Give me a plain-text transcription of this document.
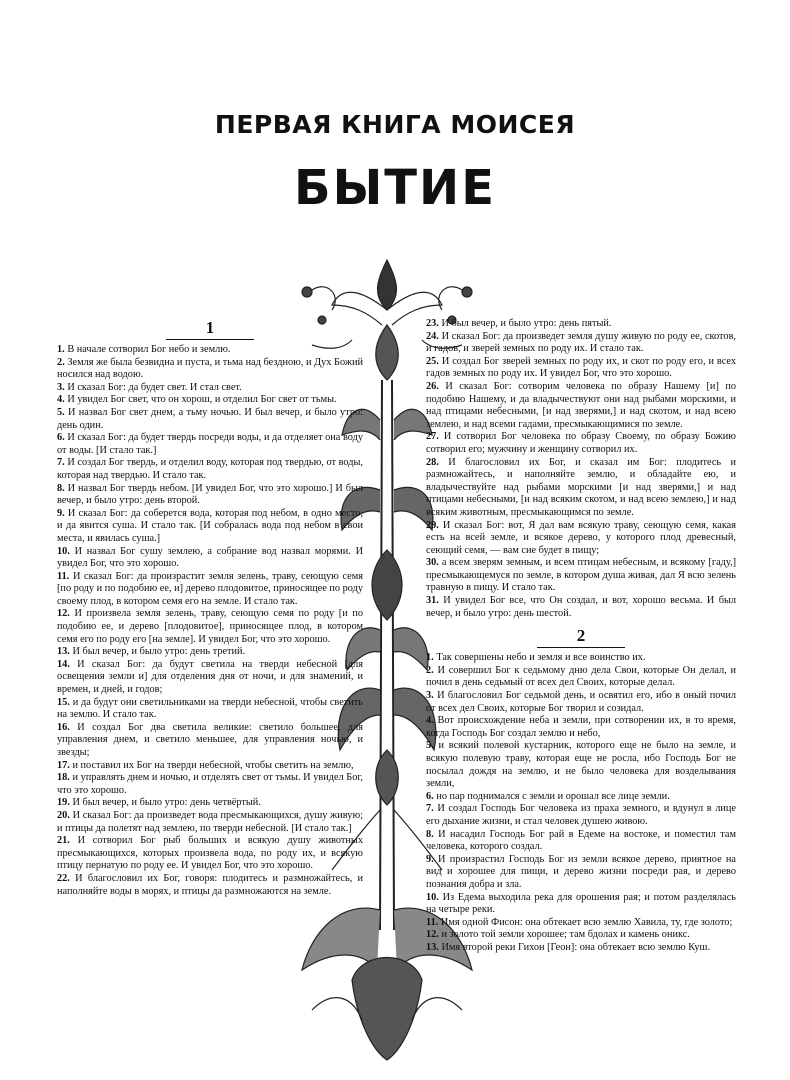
ПЕРВАЯ КНИГА МОИСЕЯ
БЫТИЕ
1

1. В начале сотворил Бог небо и землю.

2. Земля же была безвидна и пуста, и тьма над бездною, и Дух Божий носился над водою.

3. И сказал Бог: да будет свет. И стал свет.

4. И увидел Бог свет, что он хорош, и отделил Бог свет от тьмы.

5. И назвал Бог свет днем, а тьму ночью. И был вечер, и было утро: день один.

6. И сказал Бог: да будет твердь посреди воды, и да отделяет она воду от воды. [И стало так.]

7. И создал Бог твердь, и отделил воду, которая под твердью, от воды, которая над твердью. И стало так.

8. И назвал Бог твердь небом. [И увидел Бог, что это хорошо.] И был вечер, и было утро: день второй.

9. И сказал Бог: да соберется вода, которая под небом, в одно место, и да явится суша. И стало так. [И собралась вода под небом в свои места, и явилась суша.]

10. И назвал Бог сушу землею, а собрание вод назвал морями. И увидел Бог, что это хорошо.

11. И сказал Бог: да произрастит земля зелень, траву, сеющую семя [по роду и по подобию ее, и] дерево плодовитое, приносящее по роду своему плод, в котором семя его на земле. И стало так.

12. И произвела земля зелень, траву, сеющую семя по роду [и по подобию ее, и дерево [плодовитое], приносящее плод, в котором семя его по роду его [на земле]. И увидел Бог, что это хорошо.

13. И был вечер, и было утро: день третий.

14. И сказал Бог: да будут светила на тверди небесной [для освещения земли и] для отделения дня от ночи, и для знамений, и времен, и дней, и годов;

15. и да будут они светильниками на тверди небесной, чтобы светить на землю. И стало так.

16. И создал Бог два светила великие: светило большее, для управления днем, и светило меньшее, для управления ночью, и звезды;

17. и поставил их Бог на тверди небесной, чтобы светить на землю,

18. и управлять днем и ночью, и отделять свет от тьмы. И увидел Бог, что это хорошо.

19. И был вечер, и было утро: день четвёртый.

20. И сказал Бог: да произведет вода пресмыкающихся, душу живую; и птицы да полетят над землею, по тверди небесной. [И стало так.]

21. И сотворил Бог рыб больших и всякую душу животных пресмыкающихся, которых произвела вода, по роду их, и всякую птицу пернатую по роду ее. И увидел Бог, что это хорошо.

22. И благословил их Бог, говоря: плодитесь и размножайтесь, и наполняйте воды в морях, и птицы да размножаются на земле.

23. И был вечер, и было утро: день пятый.

24. И сказал Бог: да произведет земля душу живую по роду ее, скотов, и гадов, и зверей земных по роду их. И стало так.

25. И создал Бог зверей земных по роду их, и скот по роду его, и всех гадов земных по роду их. И увидел Бог, что это хорошо.

26. И сказал Бог: сотворим человека по образу Нашему [и] по подобию Нашему, и да владычествуют они над рыбами морскими, и над птицами небесными, [и над зверями,] и над скотом, и над всею землею, и над всеми гадами, пресмыкающимися по земле.

27. И сотворил Бог человека по образу Своему, по образу Божию сотворил его; мужчину и женщину сотворил их.

28. И благословил их Бог, и сказал им Бог: плодитесь и размножайтесь, и наполняйте землю, и обладайте ею, и владычествуйте над рыбами морскими [и над зверями,] и над птицами небесными, [и над всяким скотом, и над всею землею,] и над всяким животным, пресмыкающимся по земле.

29. И сказал Бог: вот, Я дал вам всякую траву, сеющую семя, какая есть на всей земле, и всякое дерево, у которого плод древесный, сеющий семя, — вам сие будет в пищу;

30. а всем зверям земным, и всем птицам небесным, и всякому [гаду,] пресмыкающемуся по земле, в котором душа живая, дал Я всю зелень травную в пищу. И стало так.

31. И увидел Бог все, что Он создал, и вот, хорошо весьма. И был вечер, и было утро: день шестой.

2

1. Так совершены небо и земля и все воинство их.

2. И совершил Бог к седьмому дню дела Свои, которые Он делал, и почил в день седьмый от всех дел Своих, которые делал.

3. И благословил Бог седьмой день, и освятил его, ибо в оный почил от всех дел Своих, которые Бог творил и созидал.

4. Вот происхождение неба и земли, при сотворении их, в то время, когда Господь Бог создал землю и небо,

5. и всякий полевой кустарник, которого еще не было на земле, и всякую полевую траву, которая еще не росла, ибо Господь Бог не посылал дождя на землю, и не было человека для возделывания земли,

6. но пар поднимался с земли и орошал все лице земли.

7. И создал Господь Бог человека из праха земного, и вдунул в лице его дыхание жизни, и стал человек душею живою.

8. И насадил Господь Бог рай в Едеме на востоке, и поместил там человека, которого создал.

9. И произрастил Господь Бог из земли всякое дерево, приятное на вид и хорошее для пищи, и дерево жизни посреди рая, и дерево познания добра и зла.

10. Из Едема выходила река для орошения рая; и потом разделялась на четыре реки.

11. Имя одной Фисон: она обтекает всю землю Хавила, ту, где золото;

12. и золото той земли хорошее; там бдолах и камень оникс.

13. Имя второй реки Гихон [Геон]: она обтекает всю землю Куш.
